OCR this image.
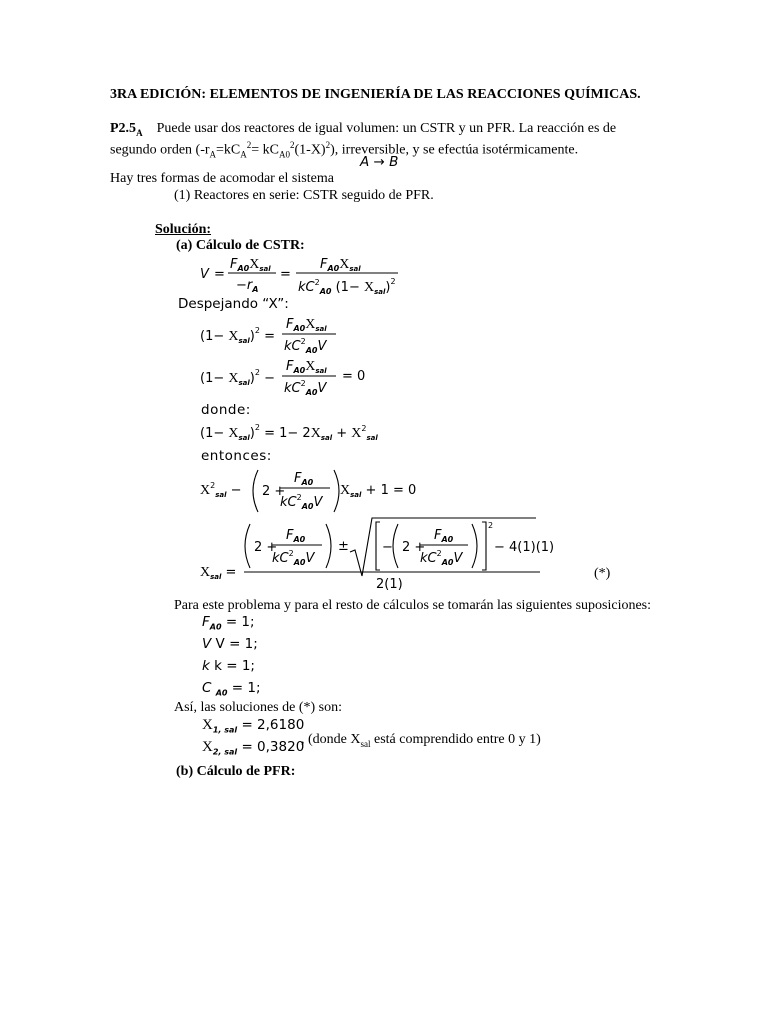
3RA EDICIÓN: ELEMENTOS DE INGENIERÍA DE LAS REACCIONES QUÍMICAS.
$P2.5_A$ Puede usar dos reactores de igual volumen: un CSTR y un PFR. La reacción es de
segundo orden $(-r_A=kC_A^2= kC_{A0}^2(1-X)^2)$, irreversible, y se efectúa isotérmicamente.
A → B
Hay tres formas de acomodar el sistema
(1) Reactores en serie: CSTR seguido de PFR.
Solución:
(a) Cálculo de CSTR:
V =
$F_{A0}X_{sal}$
$-r_A$
=
$F_{A0}X_{sal}$
$kC^2_{A0}$ $(1- X_{sal})^2$
Despejando “X”:
$(1- X_{sal})^2$ =
$F_{A0}X_{sal}$
$kC^2_{A0}V$
$(1- X_{sal})^2$ −
$F_{A0}X_{sal}$
$kC^2_{A0}V$
= 0
donde:
$(1- X_{sal})^2 = 1- 2X_{sal} + X^2_{sal}$
entonces:
$X^2_{sal} - 2$ +
$F_{A0}$
$kC^2_{A0}V$
$X_{sal} + 1 = 0$
$X_{sal}$ =
2 +
$F_{A0}$
$kC^2_{A0}V$
±	− 2 +
$F_{A0}$
$kC^2_{A0}V$
2
− 4(1)(1)
2(1)
(*)
Para este problema y para el resto de cálculos se tomarán las siguientes suposiciones:
$F_{A0} = 1$;
V V = 1;
k k = 1;
C $_{A0}$ = 1;
Así, las soluciones de (*) son:
$X_{1, sal} = 2,6180$
$X_{2, sal} = 0,3820$
, (donde $X_{sal}$ está comprendido entre 0 y 1)
(b) Cálculo de PFR:
